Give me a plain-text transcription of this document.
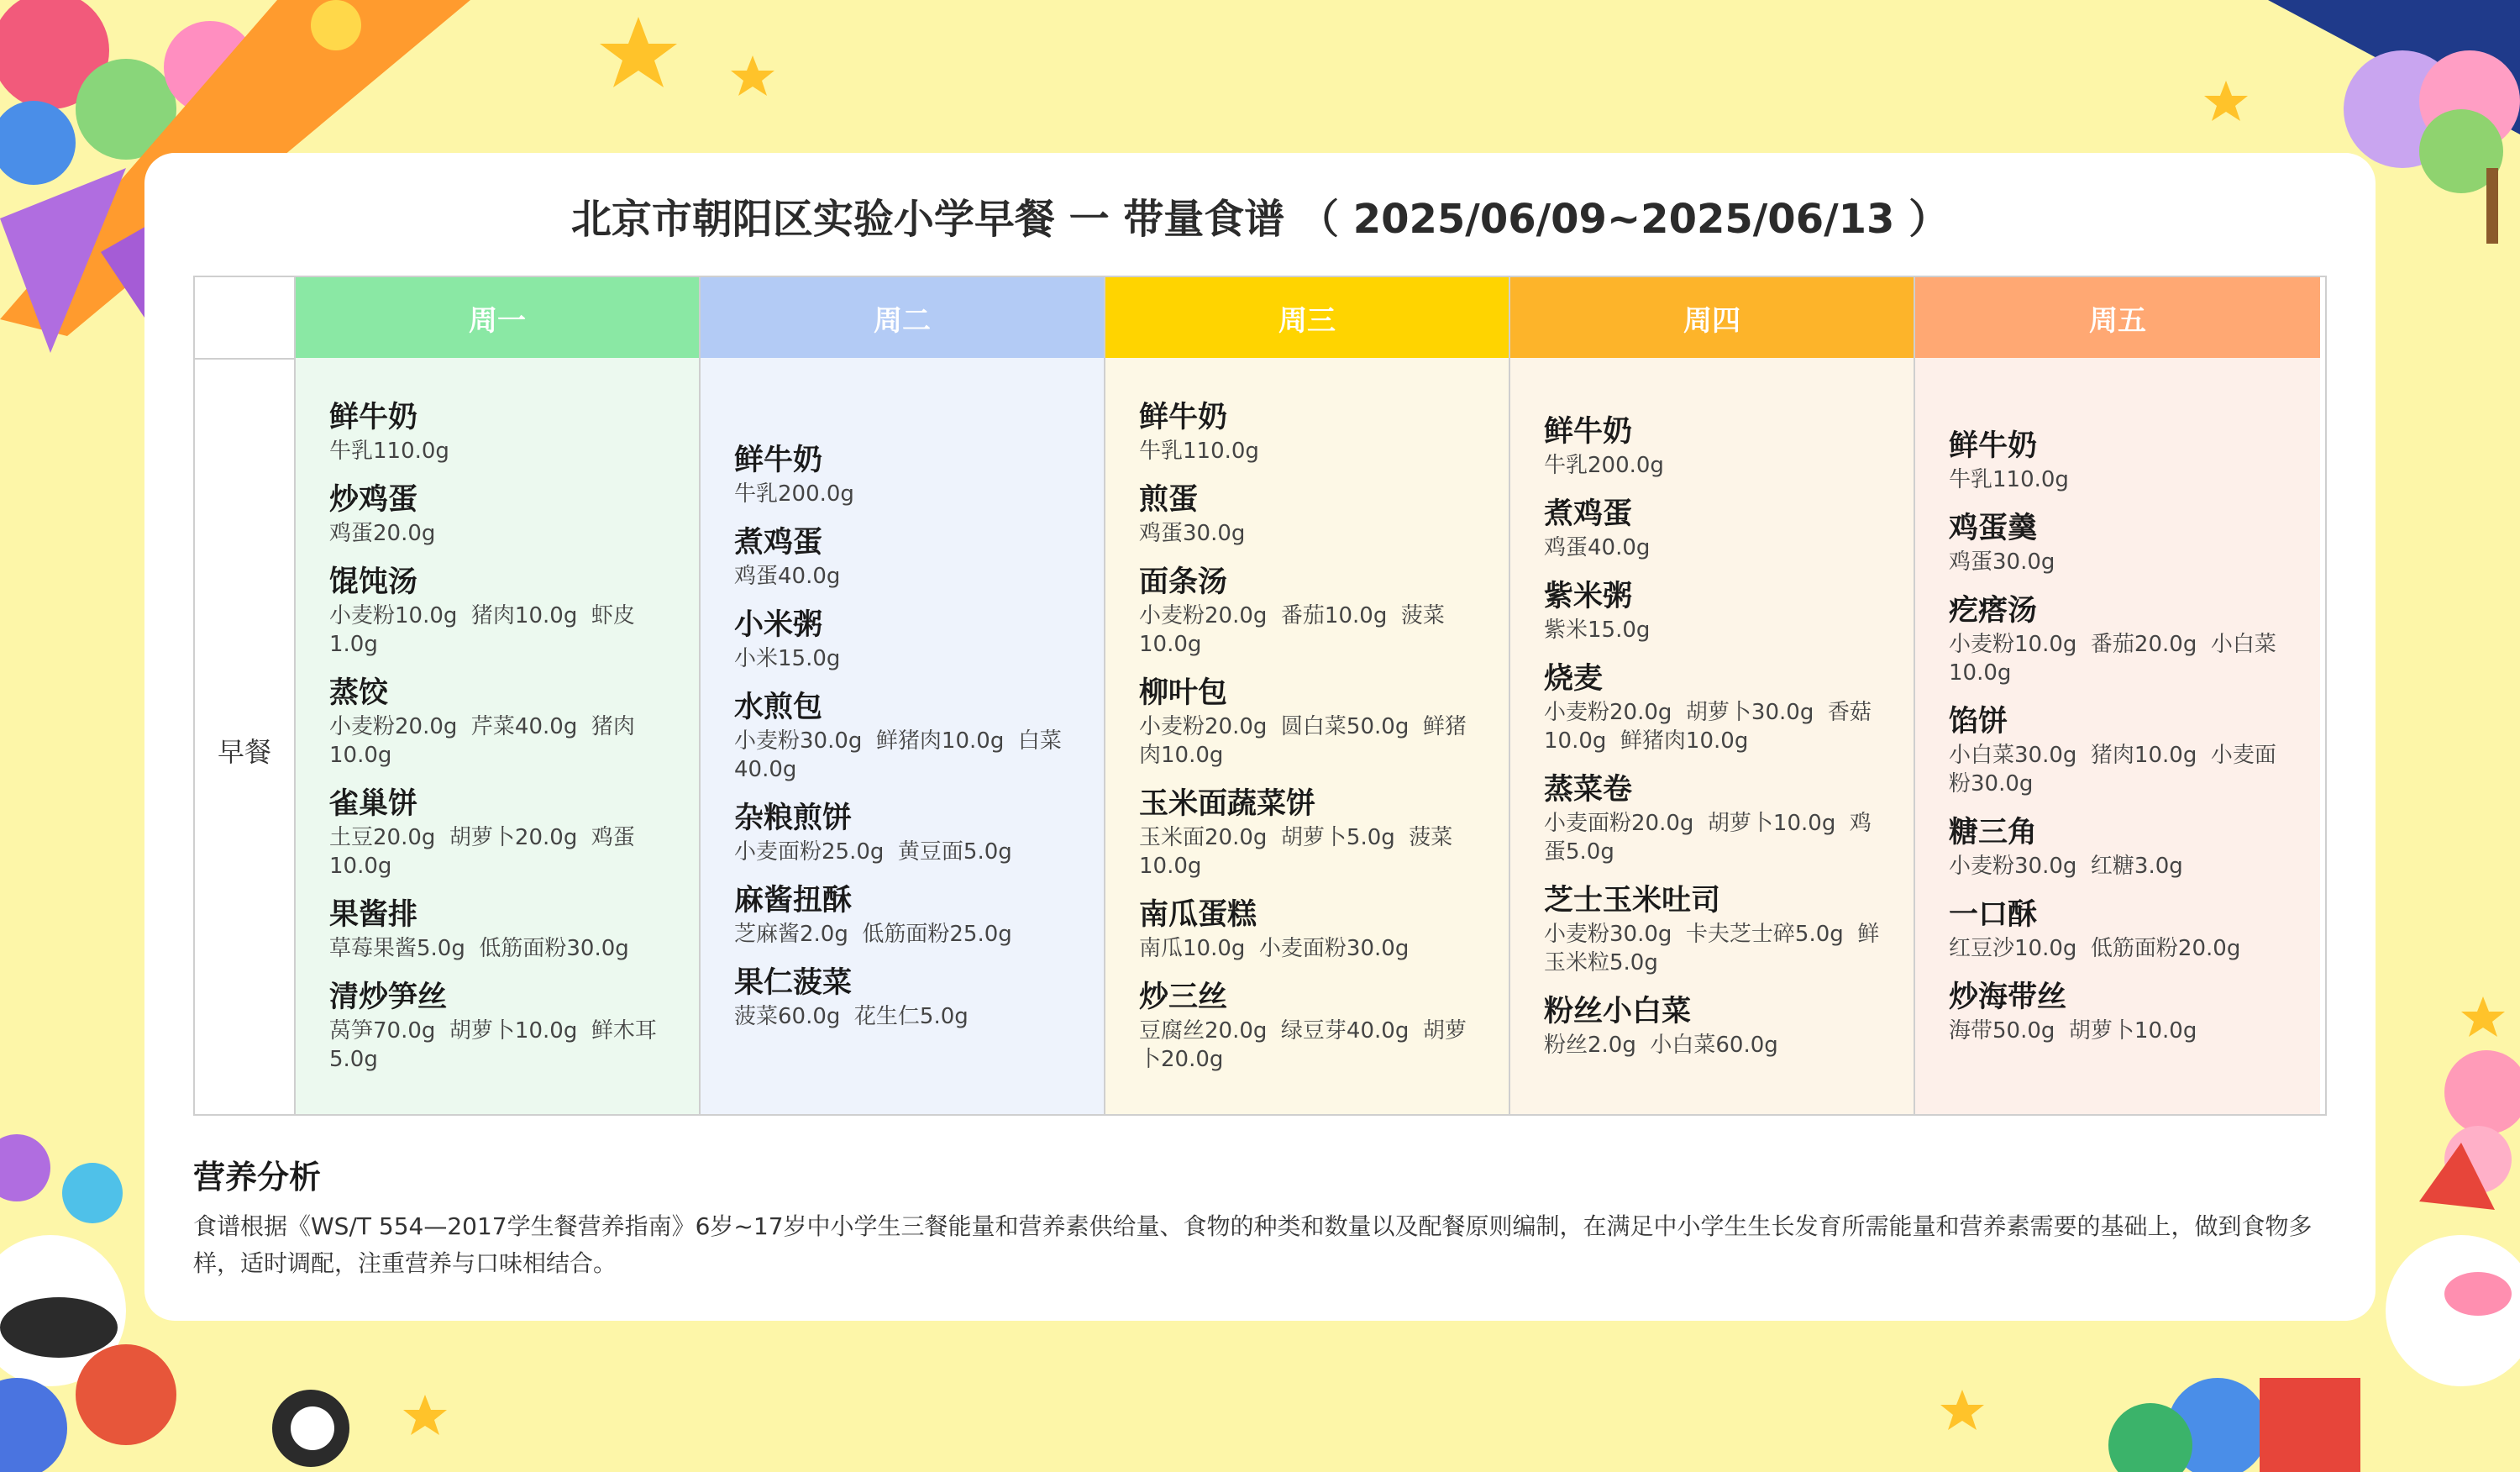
北京市朝阳区实验小学早餐 一 带量食谱 （ 2025/06/09~2025/06/13 ）
早餐
周一
鲜牛奶
牛乳110.0g
炒鸡蛋
鸡蛋20.0g
馄饨汤
小麦粉10.0g  猪肉10.0g  虾皮1.0g
蒸饺
小麦粉20.0g  芹菜40.0g  猪肉10.0g
雀巢饼
土豆20.0g  胡萝卜20.0g  鸡蛋10.0g
果酱排
草莓果酱5.0g  低筋面粉30.0g
清炒笋丝
莴笋70.0g  胡萝卜10.0g  鲜木耳5.0g
周二
鲜牛奶
牛乳200.0g
煮鸡蛋
鸡蛋40.0g
小米粥
小米15.0g
水煎包
小麦粉30.0g  鲜猪肉10.0g  白菜40.0g
杂粮煎饼
小麦面粉25.0g  黄豆面5.0g
麻酱扭酥
芝麻酱2.0g  低筋面粉25.0g
果仁菠菜
菠菜60.0g  花生仁5.0g
周三
鲜牛奶
牛乳110.0g
煎蛋
鸡蛋30.0g
面条汤
小麦粉20.0g  番茄10.0g  菠菜10.0g
柳叶包
小麦粉20.0g  圆白菜50.0g  鲜猪肉10.0g
玉米面蔬菜饼
玉米面20.0g  胡萝卜5.0g  菠菜10.0g
南瓜蛋糕
南瓜10.0g  小麦面粉30.0g
炒三丝
豆腐丝20.0g  绿豆芽40.0g  胡萝卜20.0g
周四
鲜牛奶
牛乳200.0g
煮鸡蛋
鸡蛋40.0g
紫米粥
紫米15.0g
烧麦
小麦粉20.0g  胡萝卜30.0g  香菇10.0g  鲜猪肉10.0g
蒸菜卷
小麦面粉20.0g  胡萝卜10.0g  鸡蛋5.0g
芝士玉米吐司
小麦粉30.0g  卡夫芝士碎5.0g  鲜玉米粒5.0g
粉丝小白菜
粉丝2.0g  小白菜60.0g
周五
鲜牛奶
牛乳110.0g
鸡蛋羹
鸡蛋30.0g
疙瘩汤
小麦粉10.0g  番茄20.0g  小白菜10.0g
馅饼
小白菜30.0g  猪肉10.0g  小麦面粉30.0g
糖三角
小麦粉30.0g  红糖3.0g
一口酥
红豆沙10.0g  低筋面粉20.0g
炒海带丝
海带50.0g  胡萝卜10.0g
营养分析
食谱根据《WS/T 554—2017学生餐营养指南》6岁~17岁中小学生三餐能量和营养素供给量、食物的种类和数量以及配餐原则编制，在满足中小学生生长发育所需能量和营养素需要的基础上，做到食物多样，适时调配，注重营养与口味相结合。
